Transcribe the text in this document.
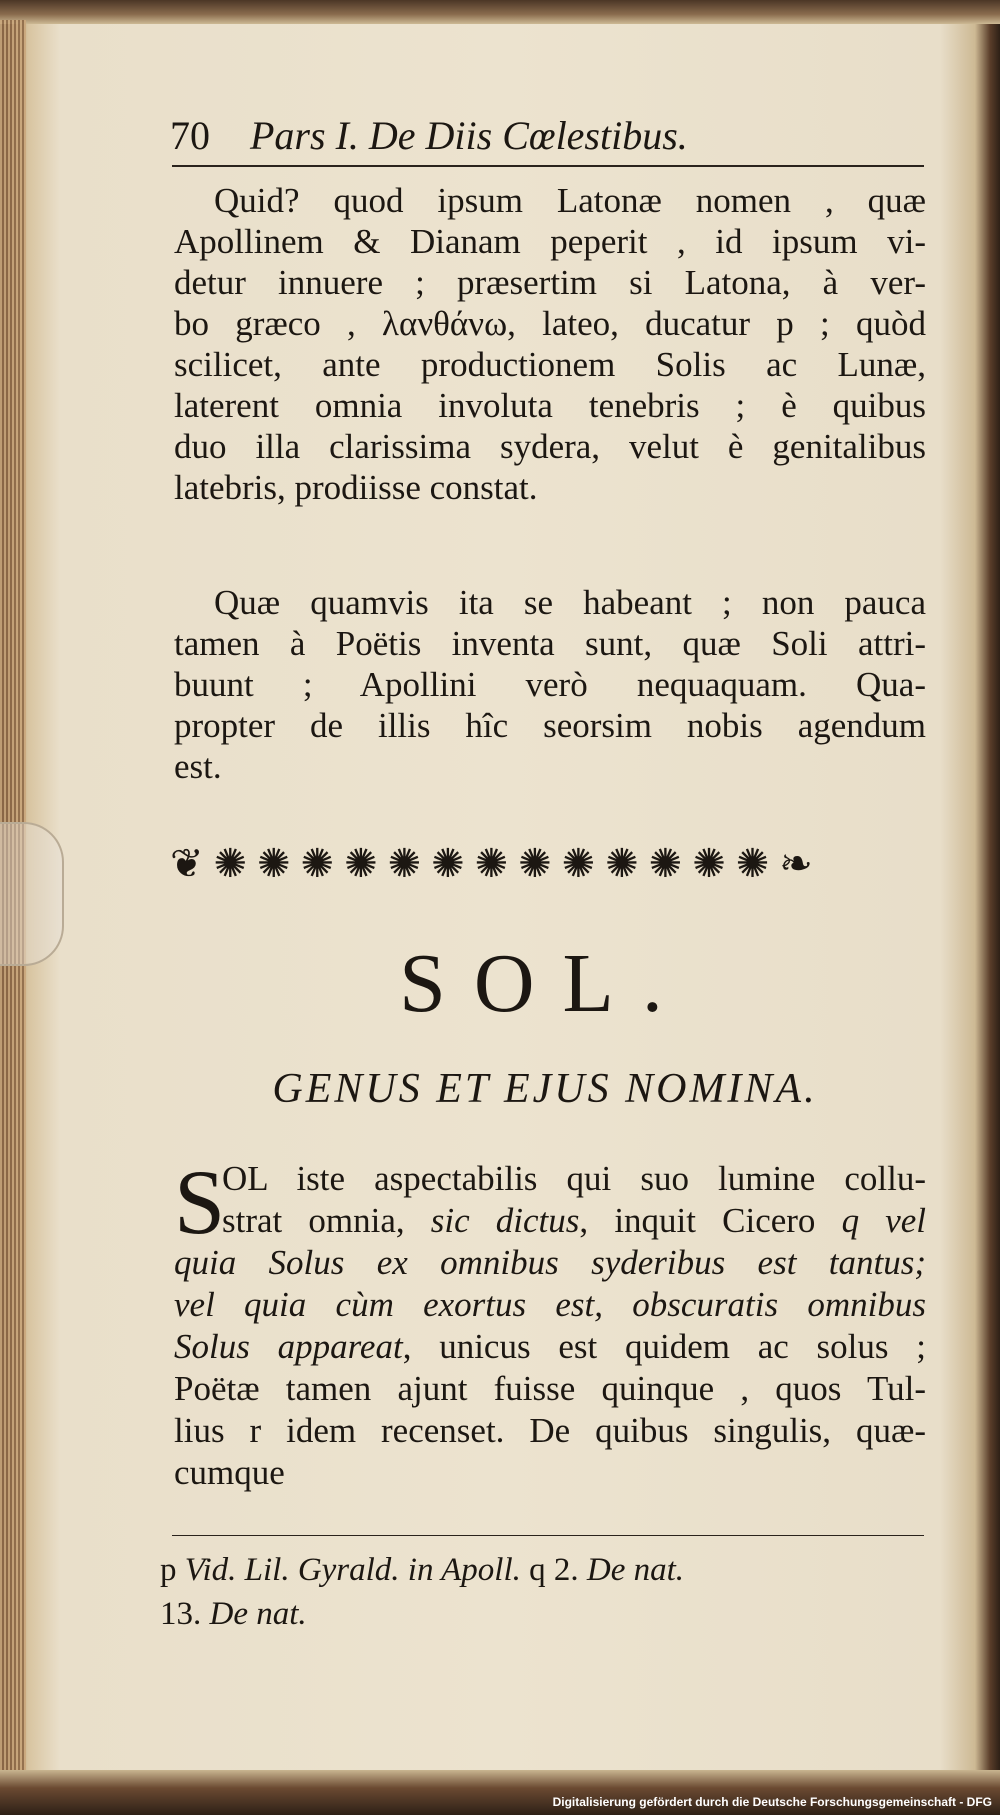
70 Pars I. De Diis Cœlestibus.
Quid? quod ipsum Latonæ nomen , quæ
Apollinem & Dianam peperit , id ipsum vi-
detur innuere ; præsertim si Latona, à ver-
bo græco , λανθάνω, lateo, ducatur p ; quòd
scilicet, ante productionem Solis ac Lunæ,
laterent omnia involuta tenebris ; è quibus
duo illa clarissima sydera, velut è genitalibus
latebris, prodiisse constat.
Quæ quamvis ita se habeant ; non pauca
tamen à Poëtis inventa sunt, quæ Soli attri-
buunt ; Apollini verò nequaquam. Qua-
propter de illis hîc seorsim nobis agendum
est.
❦ ✺ ✺ ✺ ✺ ✺ ✺ ✺ ✺ ✺ ✺ ✺ ✺ ✺ ❧
SOL.
GENUS ET EJUS NOMINA.
S
OL iste aspectabilis qui suo lumine collu-
strat omnia, sic dictus, inquit Cicero q vel
quia Solus ex omnibus syderibus est tantus;
vel quia cùm exortus est, obscuratis omnibus
Solus appareat, unicus est quidem ac solus ;
Poëtæ tamen ajunt fuisse quinque , quos Tul-
lius r idem recenset. De quibus singulis, quæ-
cumque
p Vid. Lil. Gyrald. in Apoll. q 2. De nat.
13. De nat.
Digitalisierung gefördert durch die Deutsche Forschungsgemeinschaft - DFG
